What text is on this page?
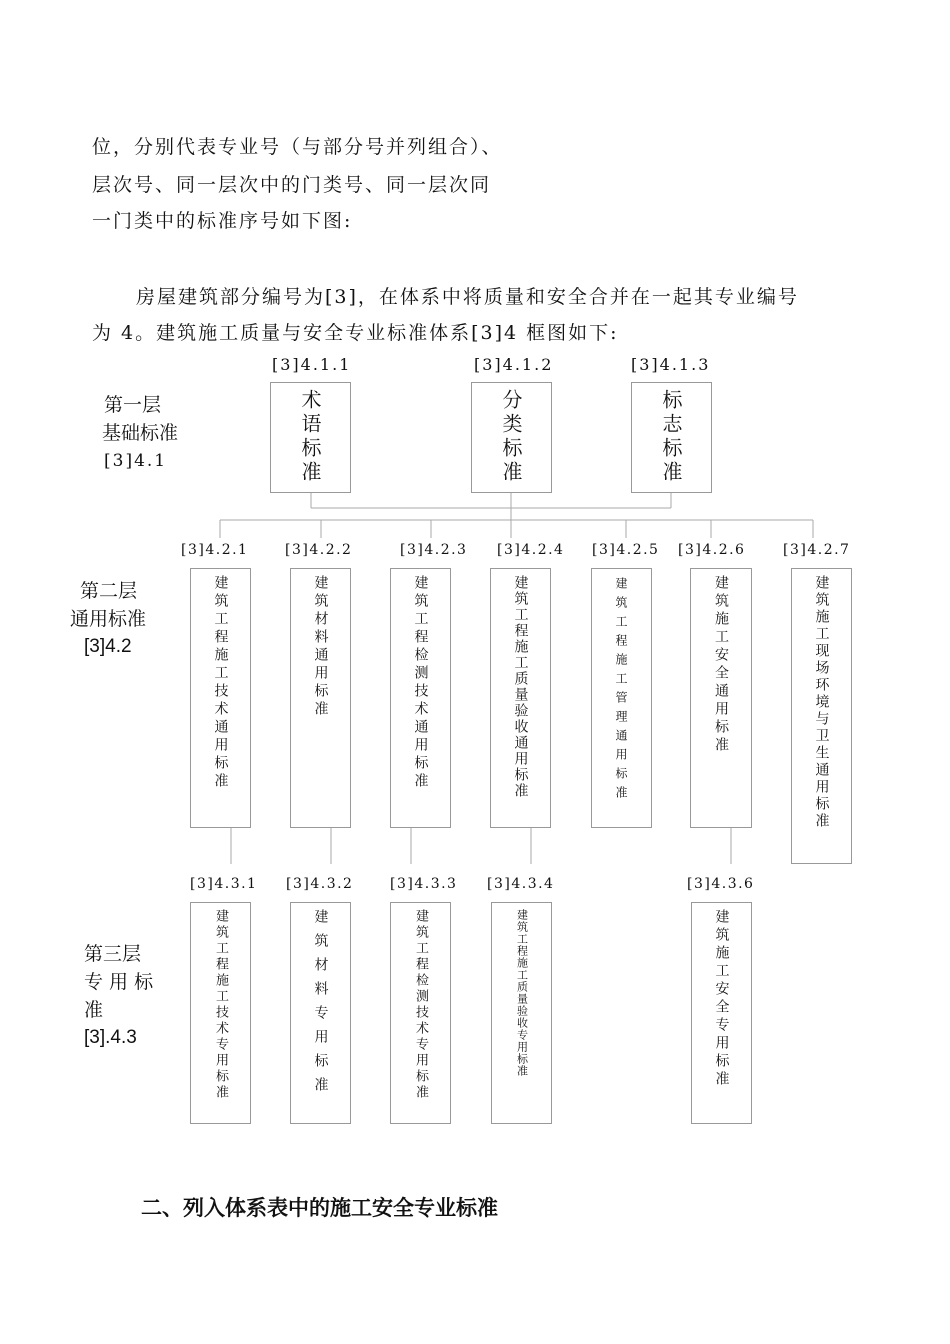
位，分别代表专业号（与部分号并列组合）、
层次号、同一层次中的门类号、同一层次同
一门类中的标准序号如下图:
房屋建筑部分编号为[3]，在体系中将质量和安全合并在一起其专业编号
为 4。建筑施工质量与安全专业标准体系[3]4 框图如下:
第一层
基础标准
[3]4.1
[3]4.1.1	[3]4.1.2	[3]4.1.3
术语标准	分类标准	标志标准
第二层
通用标准
[3]4.2
[3]4.2.1	[3]4.2.2	[3]4.2.3 [3]4.2.4 [3]4.2.5 [3]4.2.6	[3]4.2.7
建筑工程施工技术通用标准	建筑材料通用标准	建筑工程检测技术通用标准	建筑工程施工质量验收通用标准	建筑工程施工管理通用标准	建筑施工安全通用标准	建筑施工现场环境与卫生通用标准
第三层
专 用 标
准
[3].4.3
[3]4.3.1 [3]4.3.2	[3]4.3.3 [3]4.3.4	[3]4.3.6
建筑工程施工技术专用标准	建筑材料专用标准	建筑工程检测技术专用标准	建筑工程施工质量验收专用标准	建筑施工安全专用标准
二、列入体系表中的施工安全专业标准
